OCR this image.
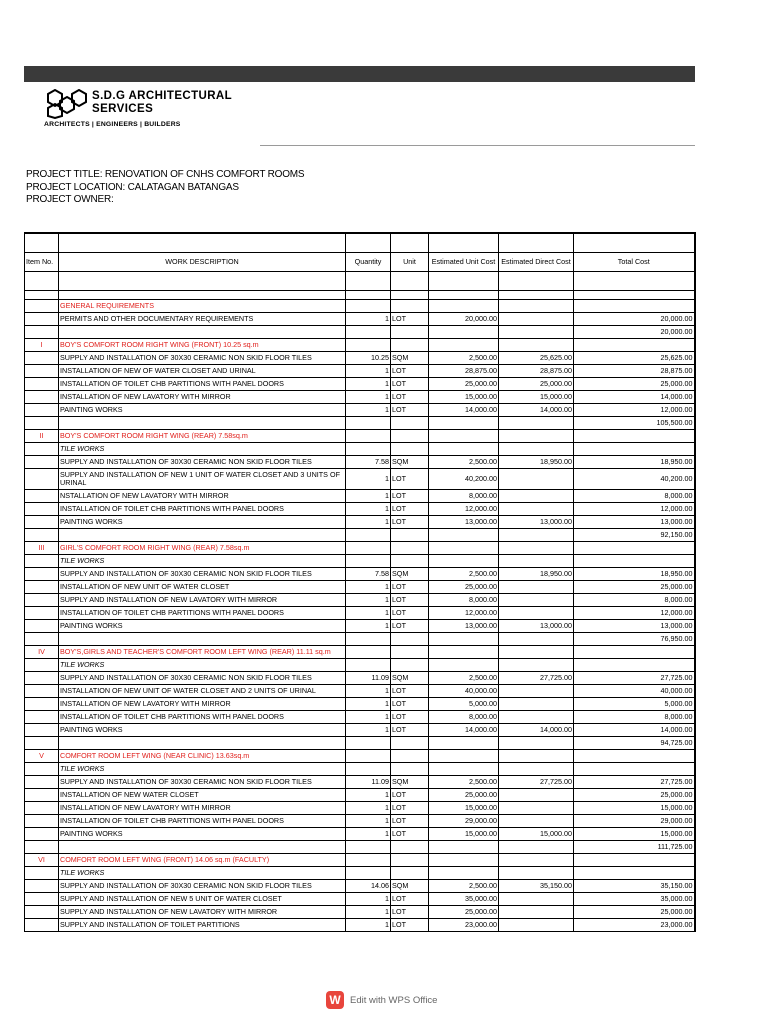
S.D.G ARCHITECTURAL
SERVICES
ARCHITECTS | ENGINEERS | BUILDERS
PROJECT TITLE: RENOVATION OF CNHS COMFORT ROOMS
PROJECT LOCATION: CALATAGAN BATANGAS
PROJECT OWNER:

Item No.	WORK DESCRIPTION	Quantity	Unit	Estimated Unit Cost	Estimated Direct Cost	Total Cost

	GENERAL REQUIREMENTS					
	PERMITS AND OTHER DOCUMENTARY REQUIREMENTS	1	LOT	20,000.00		20,000.00
						20,000.00
I	BOY'S COMFORT ROOM RIGHT WING (FRONT) 10.25 sq.m					
	SUPPLY AND INSTALLATION OF 30X30 CERAMIC NON SKID FLOOR TILES	10.25	SQM	2,500.00	25,625.00	25,625.00
	INSTALLATION OF NEW OF WATER CLOSET AND URINAL	1	LOT	28,875.00	28,875.00	28,875.00
	INSTALLATION OF TOILET CHB PARTITIONS WITH PANEL DOORS	1	LOT	25,000.00	25,000.00	25,000.00
	INSTALLATION OF NEW LAVATORY WITH MIRROR	1	LOT	15,000.00	15,000.00	14,000.00
	PAINTING WORKS	1	LOT	14,000.00	14,000.00	12,000.00
						105,500.00
II	BOY'S COMFORT ROOM RIGHT WING (REAR) 7.58sq.m					
	TILE WORKS					
	SUPPLY AND INSTALLATION OF 30X30 CERAMIC NON SKID FLOOR TILES	7.58	SQM	2,500.00	18,950.00	18,950.00
	SUPPLY AND INSTALLATION OF NEW 1 UNIT OF WATER CLOSET AND 3 UNITS OF URINAL	1	LOT	40,200.00		40,200.00
	NSTALLATION OF NEW LAVATORY WITH MIRROR	1	LOT	8,000.00		8,000.00
	INSTALLATION OF TOILET CHB PARTITIONS WITH PANEL DOORS	1	LOT	12,000.00		12,000.00
	PAINTING WORKS	1	LOT	13,000.00	13,000.00	13,000.00
						92,150.00
III	GIRL'S COMFORT ROOM RIGHT WING (REAR) 7.58sq.m					
	TILE WORKS					
	SUPPLY AND INSTALLATION OF 30X30 CERAMIC NON SKID FLOOR TILES	7.58	SQM	2,500.00	18,950.00	18,950.00
	INSTALLATION OF NEW UNIT OF WATER CLOSET	1	LOT	25,000.00		25,000.00
	SUPPLY AND INSTALLATION OF NEW LAVATORY WITH MIRROR	1	LOT	8,000.00		8,000.00
	INSTALLATION OF TOILET CHB PARTITIONS WITH PANEL DOORS	1	LOT	12,000.00		12,000.00
	PAINTING WORKS	1	LOT	13,000.00	13,000.00	13,000.00
						76,950.00
IV	BOY'S,GIRLS AND TEACHER'S COMFORT ROOM LEFT WING (REAR) 11.11 sq.m					
	TILE WORKS					
	SUPPLY AND INSTALLATION OF 30X30 CERAMIC NON SKID FLOOR TILES	11.09	SQM	2,500.00	27,725.00	27,725.00
	INSTALLATION OF NEW UNIT OF WATER CLOSET AND 2 UNITS OF URINAL	1	LOT	40,000.00		40,000.00
	INSTALLATION OF NEW LAVATORY WITH MIRROR	1	LOT	5,000.00		5,000.00
	INSTALLATION OF TOILET CHB PARTITIONS WITH PANEL DOORS	1	LOT	8,000.00		8,000.00
	PAINTING WORKS	1	LOT	14,000.00	14,000.00	14,000.00
						94,725.00
V	COMFORT ROOM LEFT WING (NEAR CLINIC) 13.63sq.m					
	TILE WORKS					
	SUPPLY AND INSTALLATION OF 30X30 CERAMIC NON SKID FLOOR TILES	11.09	SQM	2,500.00	27,725.00	27,725.00
	INSTALLATION OF NEW WATER CLOSET	1	LOT	25,000.00		25,000.00
	INSTALLATION OF NEW LAVATORY WITH MIRROR	1	LOT	15,000.00		15,000.00
	INSTALLATION OF TOILET CHB PARTITIONS WITH PANEL DOORS	1	LOT	29,000.00		29,000.00
	PAINTING WORKS	1	LOT	15,000.00	15,000.00	15,000.00
						111,725.00
VI	COMFORT ROOM LEFT WING (FRONT) 14.06 sq.m (FACULTY)					
	TILE WORKS					
	SUPPLY AND INSTALLATION OF 30X30 CERAMIC NON SKID FLOOR TILES	14.06	SQM	2,500.00	35,150.00	35,150.00
	SUPPLY AND INSTALLATION OF NEW 5 UNIT OF WATER CLOSET	1	LOT	35,000.00		35,000.00
	SUPPLY AND INSTALLATION OF NEW LAVATORY WITH MIRROR	1	LOT	25,000.00		25,000.00
	SUPPLY AND INSTALLATION OF TOILET PARTITIONS	1	LOT	23,000.00		23,000.00
W Edit with WPS Office
